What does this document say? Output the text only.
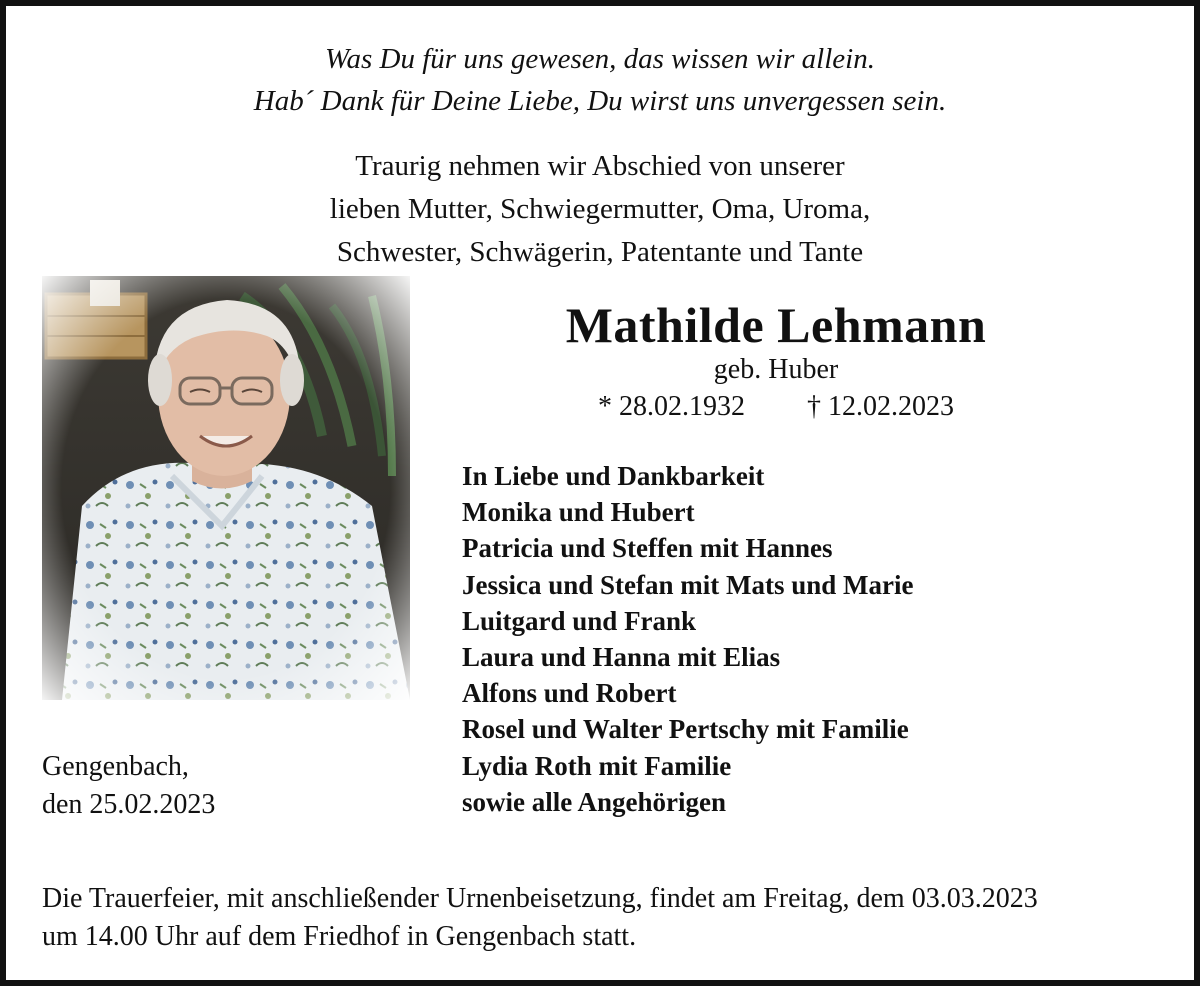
Was Du für uns gewesen, das wissen wir allein.
Hab´ Dank für Deine Liebe, Du wirst uns unvergessen sein.
Traurig nehmen wir Abschied von unserer
lieben Mutter, Schwiegermutter, Oma, Uroma,
Schwester, Schwägerin, Patentante und Tante
Mathilde Lehmann
geb. Huber
* 28.02.1932 † 12.02.2023
In Liebe und Dankbarkeit
Monika und Hubert
Patricia und Steffen mit Hannes
Jessica und Stefan mit Mats und Marie
Luitgard und Frank
Laura und Hanna mit Elias
Alfons und Robert
Rosel und Walter Pertschy mit Familie
Lydia Roth mit Familie
sowie alle Angehörigen
Gengenbach,
den 25.02.2023
Die Trauerfeier, mit anschließender Urnenbeisetzung, findet am Freitag, dem 03.03.2023
um 14.00 Uhr auf dem Friedhof in Gengenbach statt.
